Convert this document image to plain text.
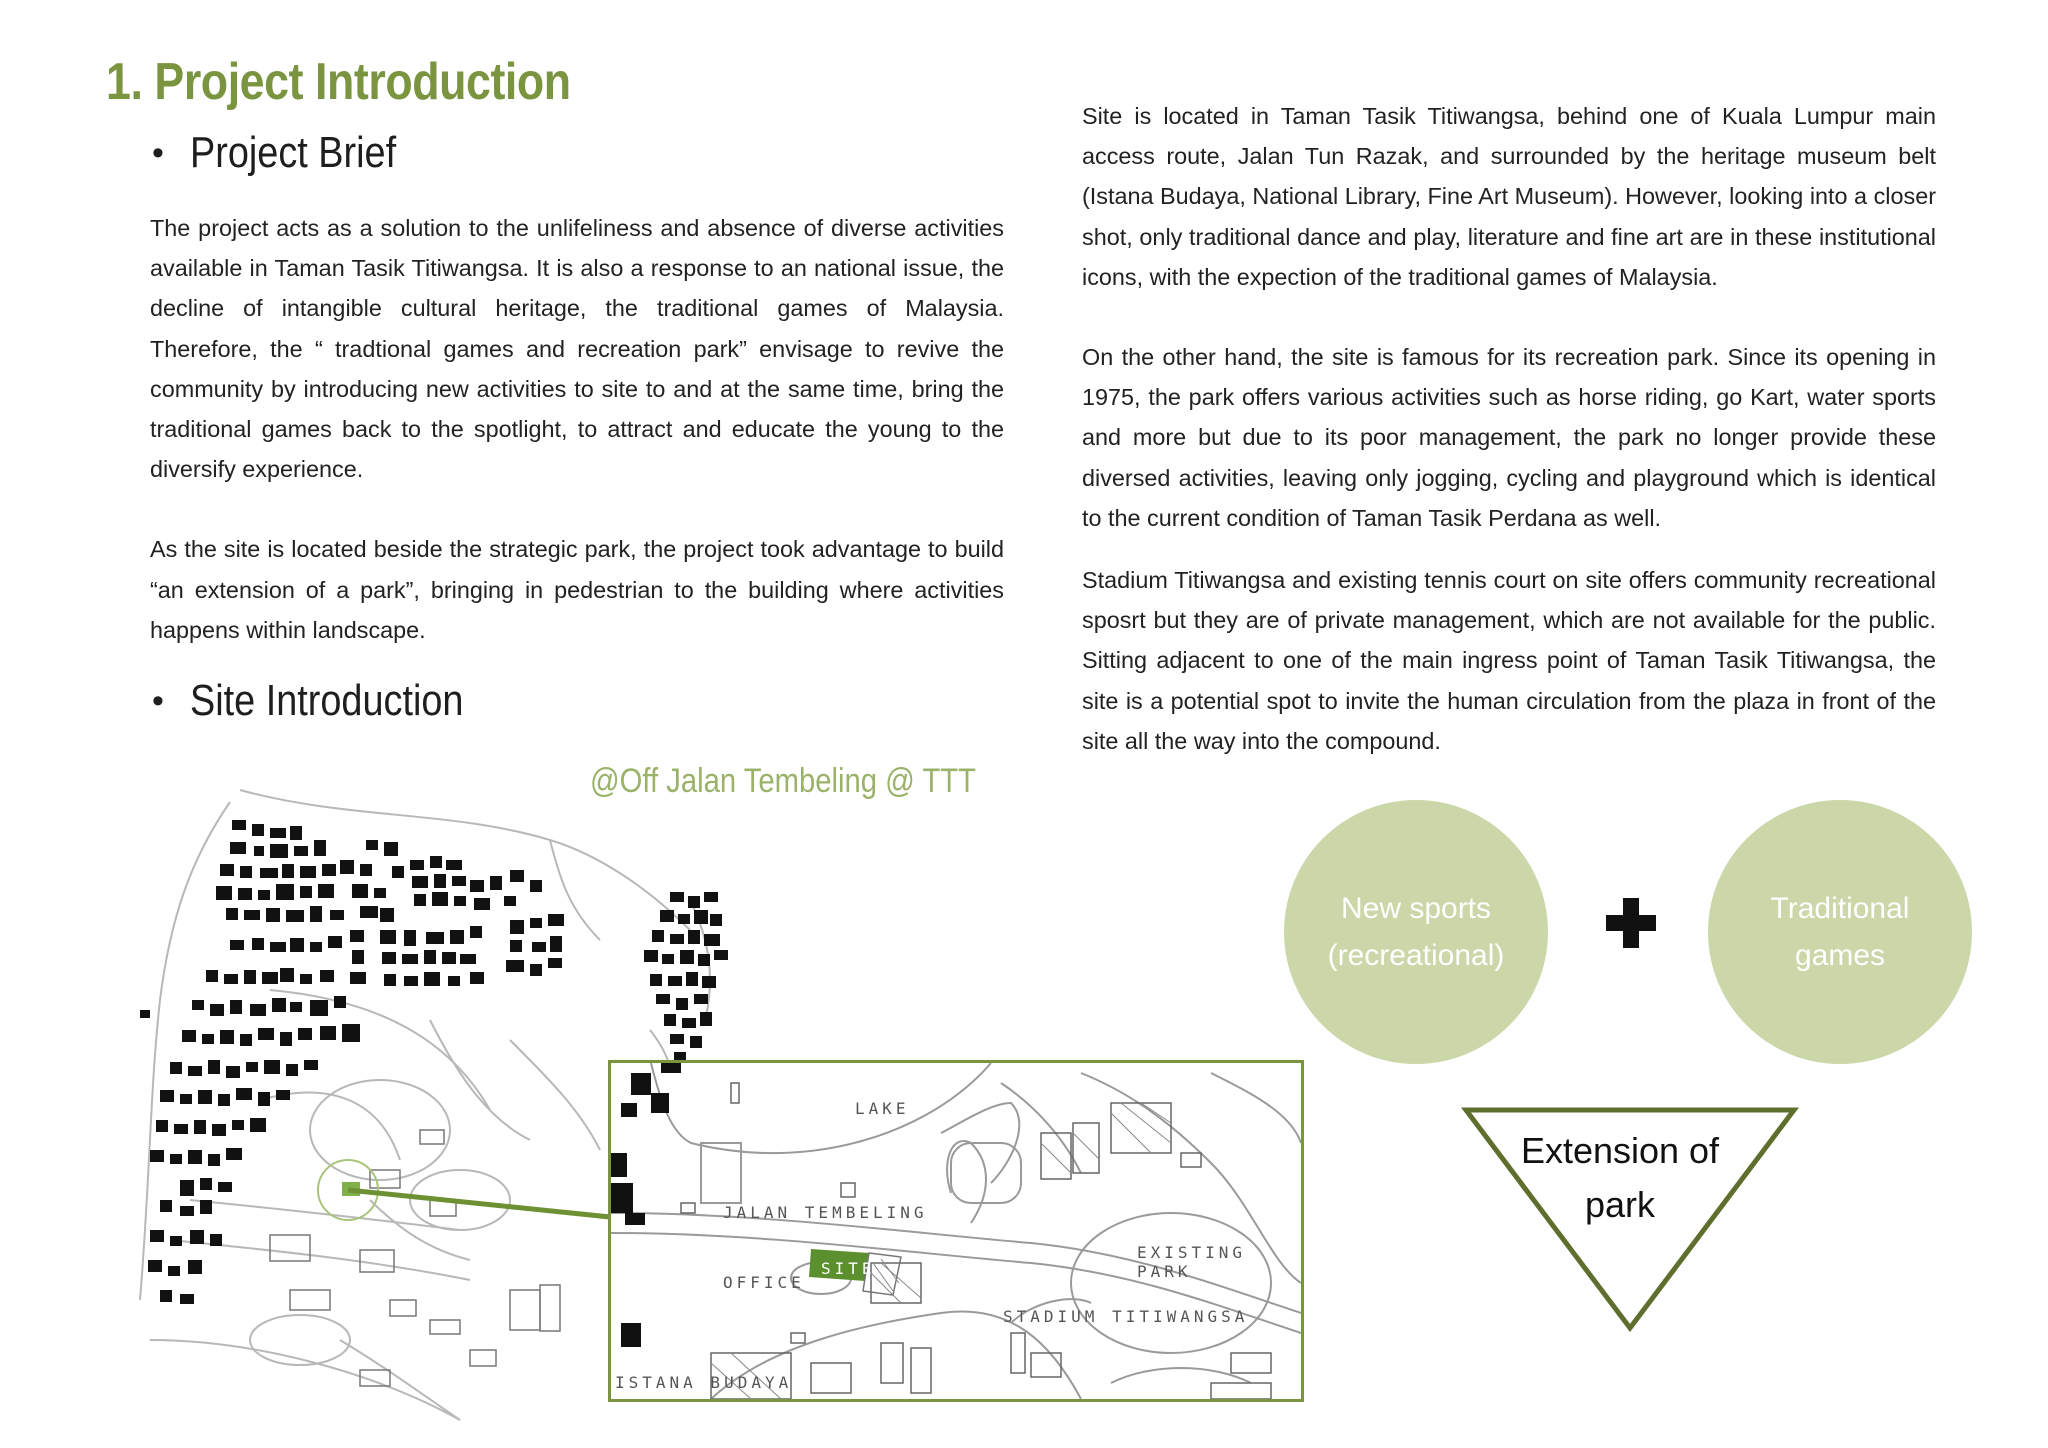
1. Project Introduction
• Project Brief

The project acts as a solution to the unlifeliness and absence of diverse activities available in Taman Tasik Titiwangsa. It is also a response to an national issue, the decline of intangible cultural heritage, the traditional games of Malaysia. Therefore, the “ tradtional games and recreation park” envisage to revive the community by introducing new activities to site to and at the same time, bring the traditional games back to the spotlight, to attract and educate the young to the diversify experience.

As the site is located beside the strategic park, the project took advantage to build “an extension of a park”, bringing in pedestrian to the building where activities happens within landscape.

• Site Introduction
@Off Jalan Tembeling @ TTT

Site is located in Taman Tasik Titiwangsa, behind one of Kuala Lumpur main access route, Jalan Tun Razak, and surrounded by the heritage museum belt (Istana Budaya, National Library, Fine Art Museum). However, looking into a closer shot, only traditional dance and play, literature and fine art are in these institutional icons, with the expection of the traditional games of Malaysia.

On the other hand, the site is famous for its recreation park. Since its opening in 1975, the park offers various activities such as horse riding, go Kart, water sports and more but due to its poor management, the park no longer provide these diversed activities, leaving only jogging, cycling and playground which is identical to the current condition of Taman Tasik Perdana as well.

Stadium Titiwangsa and existing tennis court on site offers community recreational sposrt but they are of private management, which are not available for the public. Sitting adjacent to one of the main ingress point of Taman Tasik Titiwangsa, the site is a potential spot to invite the human circulation from the plaza in front of the site all the way into the compound.

LAKE
JALAN TEMBELING
OFFICE
SITE
EXISTING PARK
STADIUM TITIWANGSA
ISTANA BUDAYA
New sports
(recreational)
Traditional
games
Extension of
park
